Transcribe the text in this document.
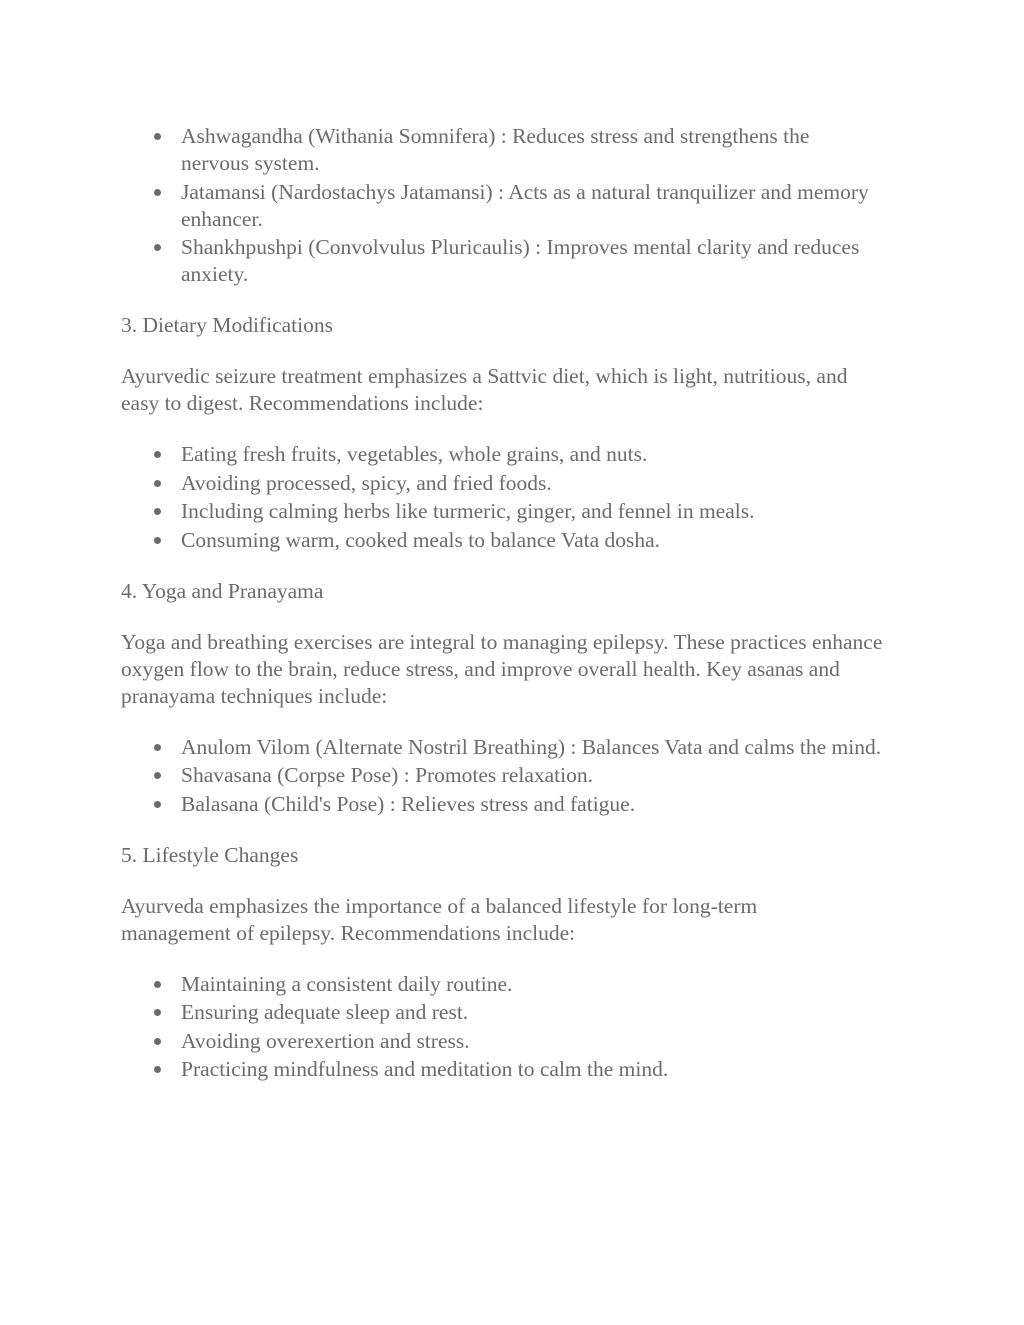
Ashwagandha (Withania Somnifera) : Reduces stress and strengthens the nervous system.
Jatamansi (Nardostachys Jatamansi) : Acts as a natural tranquilizer and memory enhancer.
Shankhpushpi (Convolvulus Pluricaulis) : Improves mental clarity and reduces anxiety.

3. Dietary Modifications

Ayurvedic seizure treatment emphasizes a Sattvic diet, which is light, nutritious, and easy to digest. Recommendations include:

Eating fresh fruits, vegetables, whole grains, and nuts.
Avoiding processed, spicy, and fried foods.
Including calming herbs like turmeric, ginger, and fennel in meals.
Consuming warm, cooked meals to balance Vata dosha.

4. Yoga and Pranayama

Yoga and breathing exercises are integral to managing epilepsy. These practices enhance oxygen flow to the brain, reduce stress, and improve overall health. Key asanas and pranayama techniques include:

Anulom Vilom (Alternate Nostril Breathing) : Balances Vata and calms the mind.
Shavasana (Corpse Pose) : Promotes relaxation.
Balasana (Child's Pose) : Relieves stress and fatigue.

5. Lifestyle Changes

Ayurveda emphasizes the importance of a balanced lifestyle for long-term management of epilepsy. Recommendations include:

Maintaining a consistent daily routine.
Ensuring adequate sleep and rest.
Avoiding overexertion and stress.
Practicing mindfulness and meditation to calm the mind.
